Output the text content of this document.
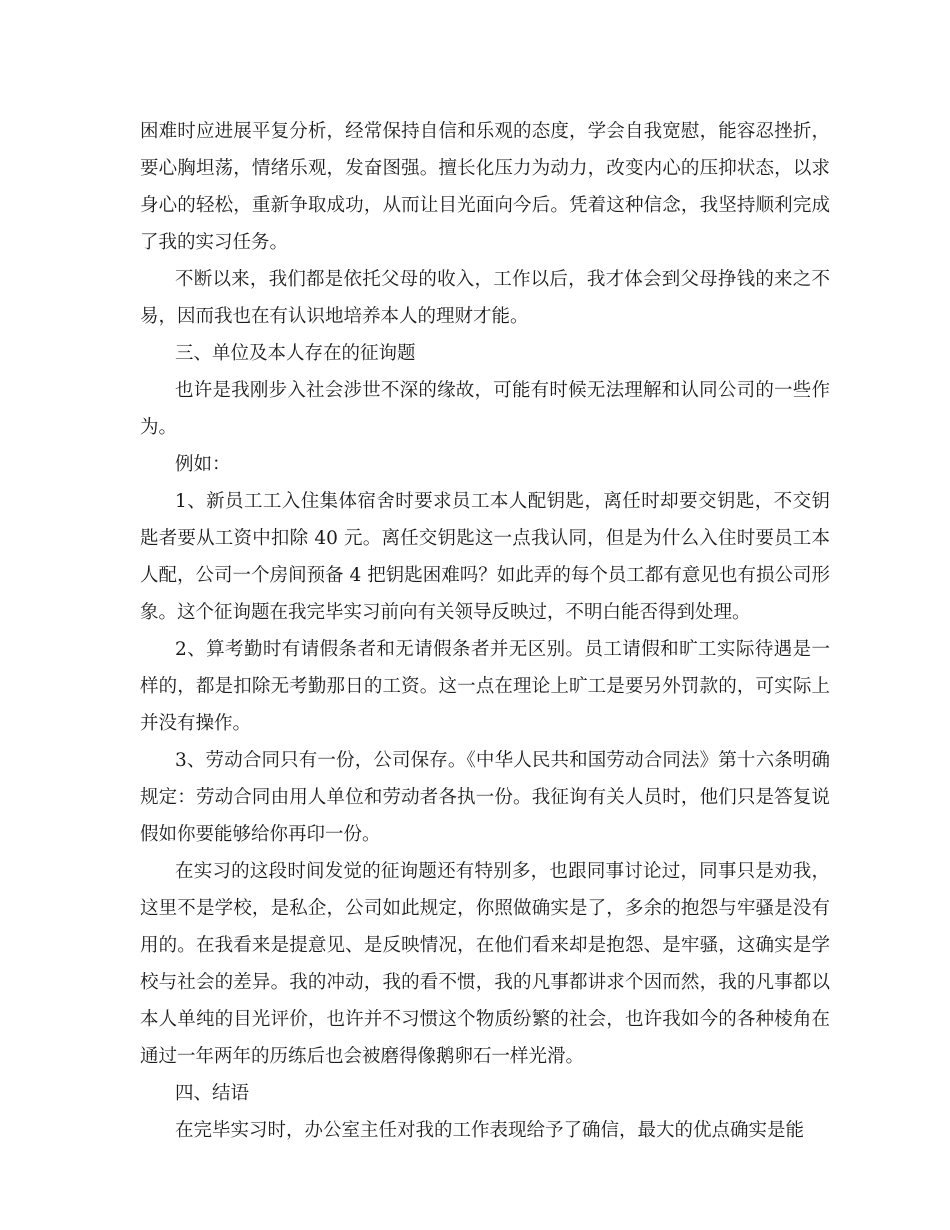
困难时应进展平复分析，经常保持自信和乐观的态度，学会自我宽慰，能容忍挫折，要心胸坦荡，情绪乐观，发奋图强。擅长化压力为动力，改变内心的压抑状态，以求身心的轻松，重新争取成功，从而让目光面向今后。凭着这种信念，我坚持顺利完成了我的实习任务。

不断以来，我们都是依托父母的收入，工作以后，我才体会到父母挣钱的来之不易，因而我也在有认识地培养本人的理财才能。

三、单位及本人存在的征询题

也许是我刚步入社会涉世不深的缘故，可能有时候无法理解和认同公司的一些作为。

例如：

1、新员工工入住集体宿舍时要求员工本人配钥匙，离任时却要交钥匙，不交钥匙者要从工资中扣除 40 元。离任交钥匙这一点我认同，但是为什么入住时要员工本人配，公司一个房间预备 4 把钥匙困难吗？如此弄的每个员工都有意见也有损公司形象。这个征询题在我完毕实习前向有关领导反映过，不明白能否得到处理。

2、算考勤时有请假条者和无请假条者并无区别。员工请假和旷工实际待遇是一样的，都是扣除无考勤那日的工资。这一点在理论上旷工是要另外罚款的，可实际上并没有操作。

3、劳动合同只有一份，公司保存。《中华人民共和国劳动合同法》第十六条明确规定：劳动合同由用人单位和劳动者各执一份。我征询有关人员时，他们只是答复说假如你要能够给你再印一份。

在实习的这段时间发觉的征询题还有特别多，也跟同事讨论过，同事只是劝我，这里不是学校，是私企，公司如此规定，你照做确实是了，多余的抱怨与牢骚是没有用的。在我看来是提意见、是反映情况，在他们看来却是抱怨、是牢骚，这确实是学校与社会的差异。我的冲动，我的看不惯，我的凡事都讲求个因而然，我的凡事都以本人单纯的目光评价，也许并不习惯这个物质纷繁的社会，也许我如今的各种棱角在通过一年两年的历练后也会被磨得像鹅卵石一样光滑。

四、结语

在完毕实习时，办公室主任对我的工作表现给予了确信，最大的优点确实是能
